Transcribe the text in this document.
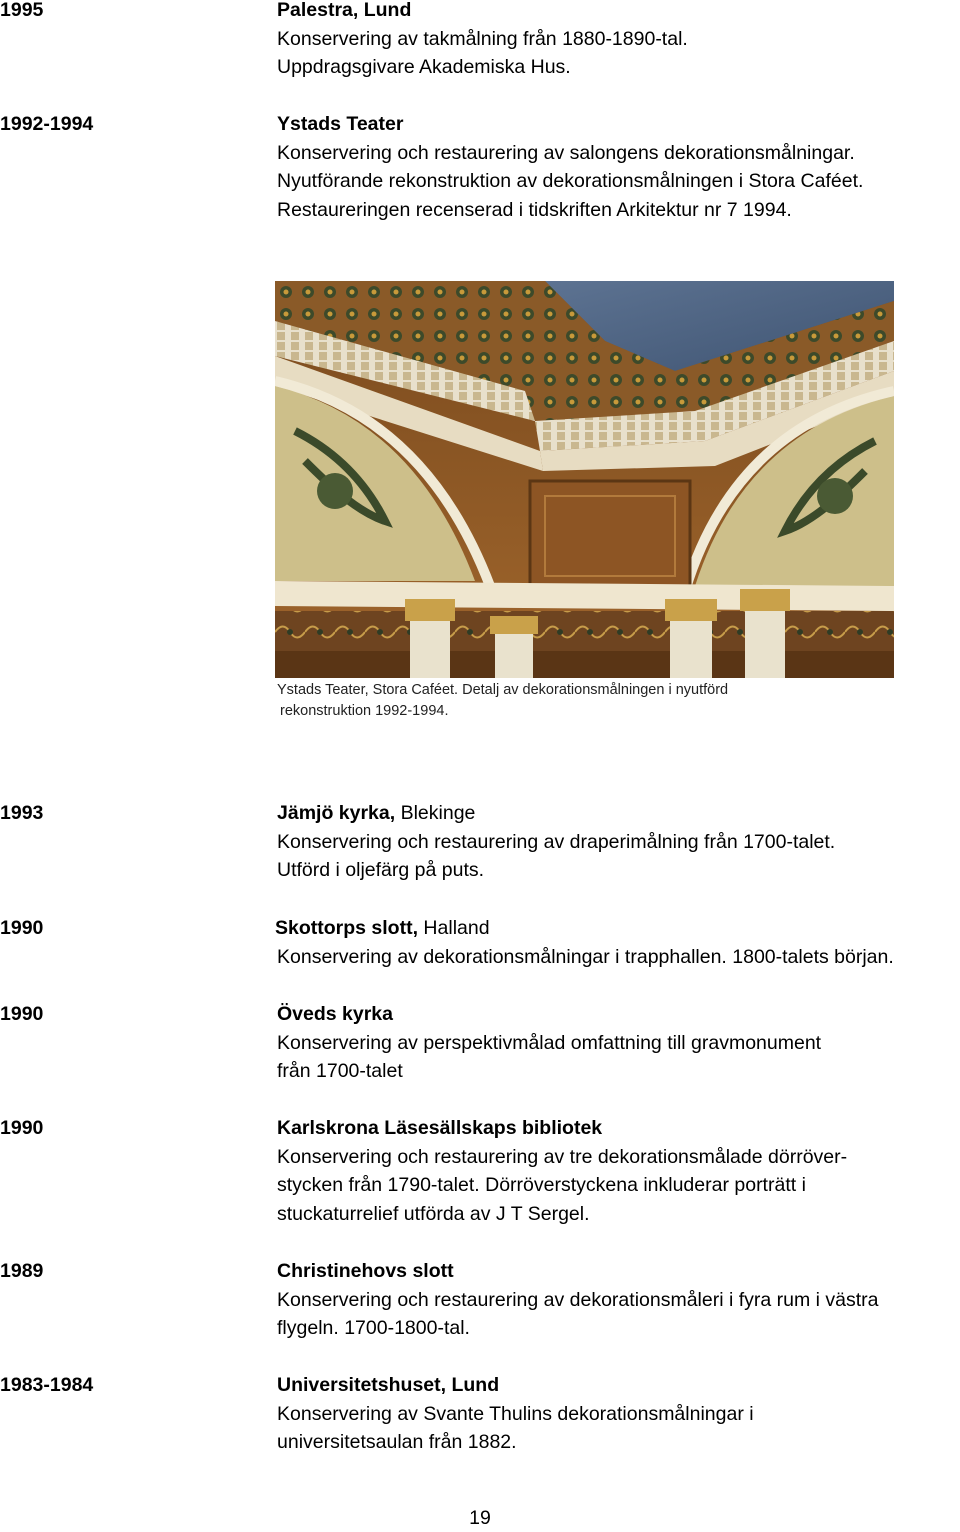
1995	Palestra, Lund
Konservering av takmålning från 1880-1890-tal.
Uppdragsgivare Akademiska Hus.
1992-1994	Ystads Teater
Konservering och restaurering av salongens dekorationsmålningar.
Nyutförande rekonstruktion av dekorationsmålningen i Stora Caféet.
Restaureringen recenserad i tidskriften Arkitektur nr 7 1994.
Ystads Teater, Stora Caféet. Detalj av dekorationsmålningen i nyutförd
rekonstruktion 1992-1994.
1993	Jämjö kyrka, Blekinge
Konservering och restaurering av draperimålning från 1700-talet.
Utförd i oljefärg på puts.
1990	Skottorps slott, Halland
Konservering av dekorationsmålningar i trapphallen. 1800-talets början.
1990	Öveds kyrka
Konservering av perspektivmålad omfattning till gravmonument
från 1700-talet
1990	Karlskrona Läsesällskaps bibliotek
Konservering och restaurering av tre dekorationsmålade dörröver-
stycken från 1790-talet. Dörröverstyckena inkluderar porträtt i
stuckaturrelief utförda av J T Sergel.
1989	Christinehovs slott
Konservering och restaurering av dekorationsmåleri i fyra rum i västra
flygeln. 1700-1800-tal.
1983-1984	Universitetshuset, Lund
Konservering av Svante Thulins dekorationsmålningar i
universitetsaulan från 1882.
19
